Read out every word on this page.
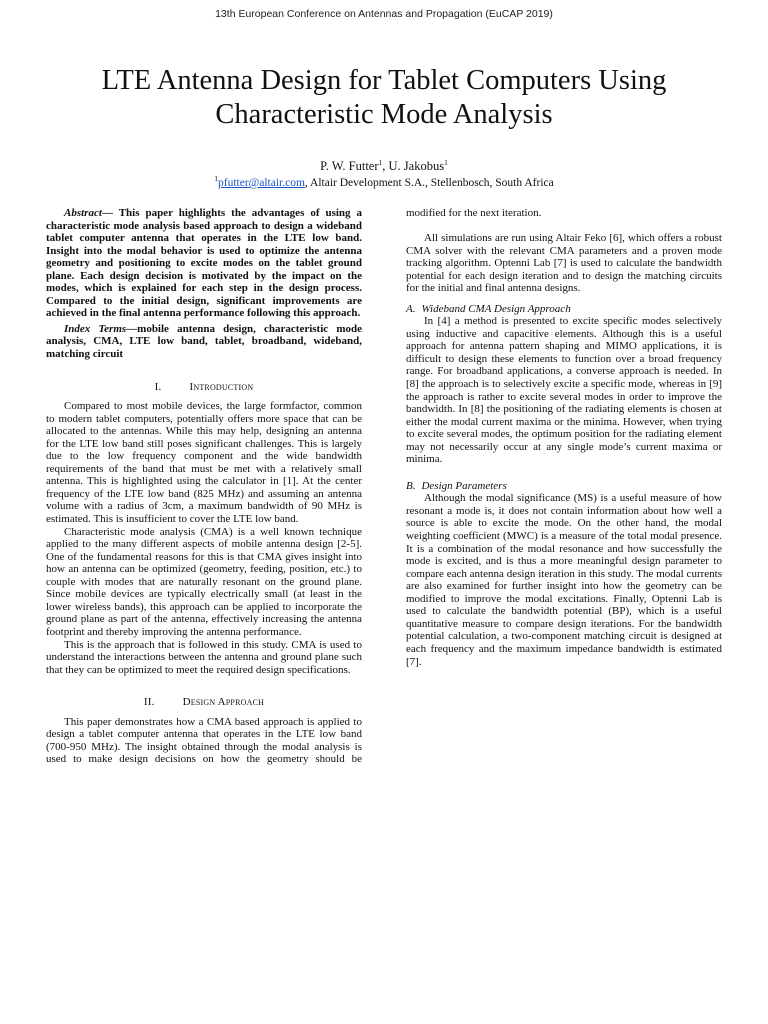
13th European Conference on Antennas and Propagation (EuCAP 2019)
LTE Antenna Design for Tablet Computers Using
Characteristic Mode Analysis
P. W. Futter$^1$, U. Jakobus$^1$
$^1$pfutter@altair.com, Altair Development S.A., Stellenbosch, South Africa

Abstract— This paper highlights the advantages of using a characteristic mode analysis based approach to design a wideband tablet computer antenna that operates in the LTE low band. Insight into the modal behavior is used to optimize the antenna geometry and positioning to excite modes on the tablet ground plane. Each design decision is motivated by the impact on the modes, which is explained for each step in the design process. Compared to the initial design, significant improvements are achieved in the final antenna performance following this approach.

Index Terms—mobile antenna design, characteristic mode analysis, CMA, LTE low band, tablet, broadband, wideband, matching circuit

I.	Introduction

Compared to most mobile devices, the large formfactor, common to modern tablet computers, potentially offers more space that can be allocated to the antennas. While this may help, designing an antenna for the LTE low band still poses significant challenges. This is largely due to the low frequency component and the wide bandwidth requirements of the band that must be met with a relatively small antenna. This is highlighted using the calculator in [1]. At the center frequency of the LTE low band (825 MHz) and assuming an antenna volume with a radius of 3cm, a maximum bandwidth of 90 MHz is estimated. This is insufficient to cover the LTE low band.

Characteristic mode analysis (CMA) is a well known technique applied to the many different aspects of mobile antenna design [2-5]. One of the fundamental reasons for this is that CMA gives insight into how an antenna can be optimized (geometry, feeding, position, etc.) to couple with modes that are naturally resonant on the ground plane. Since mobile devices are typically electrically small (at least in the lower wireless bands), this approach can be applied to incorporate the ground plane as part of the antenna, effectively increasing the antenna footprint and thereby improving the antenna performance.

This is the approach that is followed in this study. CMA is used to understand the interactions between the antenna and ground plane such that they can be optimized to meet the required design specifications.

II.	Design Approach

This paper demonstrates how a CMA based approach is applied to design a tablet computer antenna that operates in the LTE low band (700-950 MHz). The insight obtained through the modal analysis is used to make design decisions on how the geometry should be

modified for the next iteration.

All simulations are run using Altair Feko [6], which offers a robust CMA solver with the relevant CMA parameters and a proven mode tracking algorithm. Optenni Lab [7] is used to calculate the bandwidth potential for each design iteration and to design the matching circuits for the initial and final antenna designs.

A. Wideband CMA Design Approach

In [4] a method is presented to excite specific modes selectively using inductive and capacitive elements. Although this is a useful approach for antenna pattern shaping and MIMO applications, it is difficult to design these elements to function over a broad frequency range. For broadband applications, a converse approach is needed. In [8] the approach is to selectively excite a specific mode, whereas in [9] the approach is rather to excite several modes in order to improve the bandwidth. In [8] the positioning of the radiating elements is chosen at either the modal current maxima or the minima. However, when trying to excite several modes, the optimum position for the radiating element may not necessarily occur at any single mode’s current maxima or minima.

B. Design Parameters

Although the modal significance (MS) is a useful measure of how resonant a mode is, it does not contain information about how well a source is able to excite the mode. On the other hand, the modal weighting coefficient (MWC) is a measure of the total modal presence. It is a combination of the modal resonance and how successfully the mode is excited, and is thus a more meaningful design parameter to compare each antenna design iteration in this study. The modal currents are also examined for further insight into how the geometry can be modified to improve the modal excitations. Finally, Optenni Lab is used to calculate the bandwidth potential (BP), which is a useful quantitative measure to compare design iterations. For the bandwidth potential calculation, a two-component matching circuit is designed at each frequency and the maximum impedance bandwidth is estimated [7].
